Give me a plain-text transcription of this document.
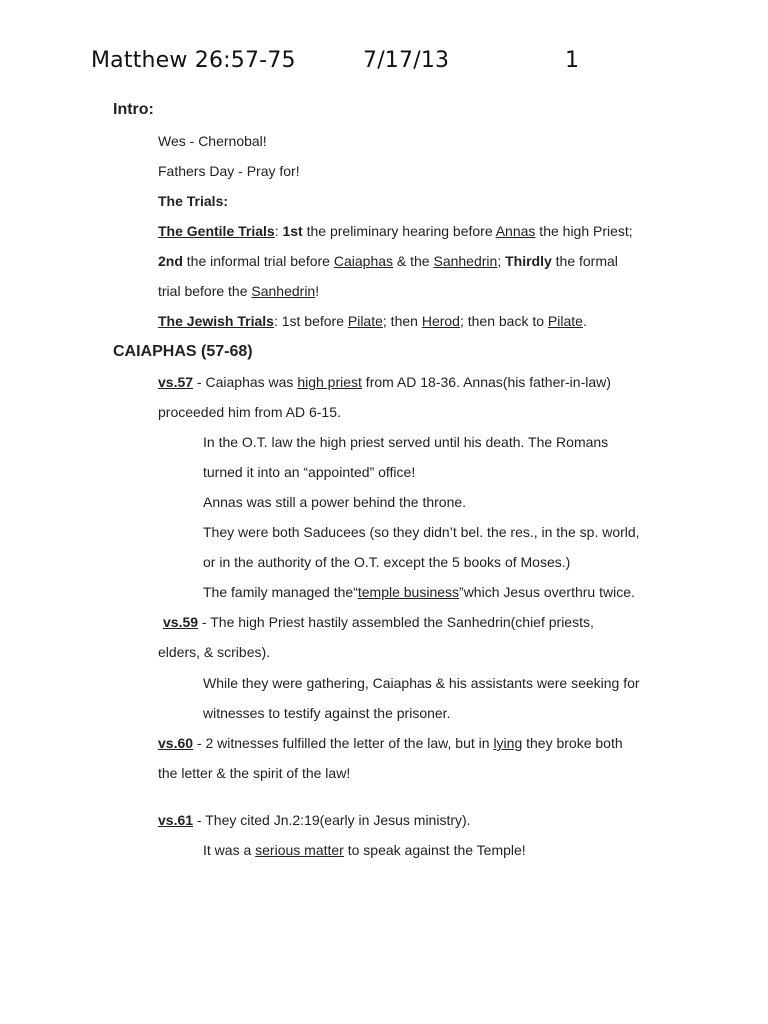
Matthew 26:57-75	7/17/13	1
Intro:
Wes - Chernobal!
Fathers Day - Pray for!
The Trials:
The Gentile Trials: 1st the preliminary hearing before Annas the high Priest;
2nd the informal trial before Caiaphas & the Sanhedrin; Thirdly the formal
trial before the Sanhedrin!
The Jewish Trials: 1st before Pilate; then Herod; then back to Pilate.
CAIAPHAS (57-68)
vs.57 - Caiaphas was high priest from AD 18-36. Annas(his father-in-law)
proceeded him from AD 6-15.
In the O.T. law the high priest served until his death. The Romans
turned it into an “appointed” office!
Annas was still a power behind the throne.
They were both Saducees (so they didn’t bel. the res., in the sp. world,
or in the authority of the O.T. except the 5 books of Moses.)
The family managed the“temple business”which Jesus overthru twice.
vs.59 - The high Priest hastily assembled the Sanhedrin(chief priests,
elders, & scribes).
While they were gathering, Caiaphas & his assistants were seeking for
witnesses to testify against the prisoner.
vs.60 - 2 witnesses fulfilled the letter of the law, but in lying they broke both
the letter & the spirit of the law!
vs.61 - They cited Jn.2:19(early in Jesus ministry).
It was a serious matter to speak against the Temple!
